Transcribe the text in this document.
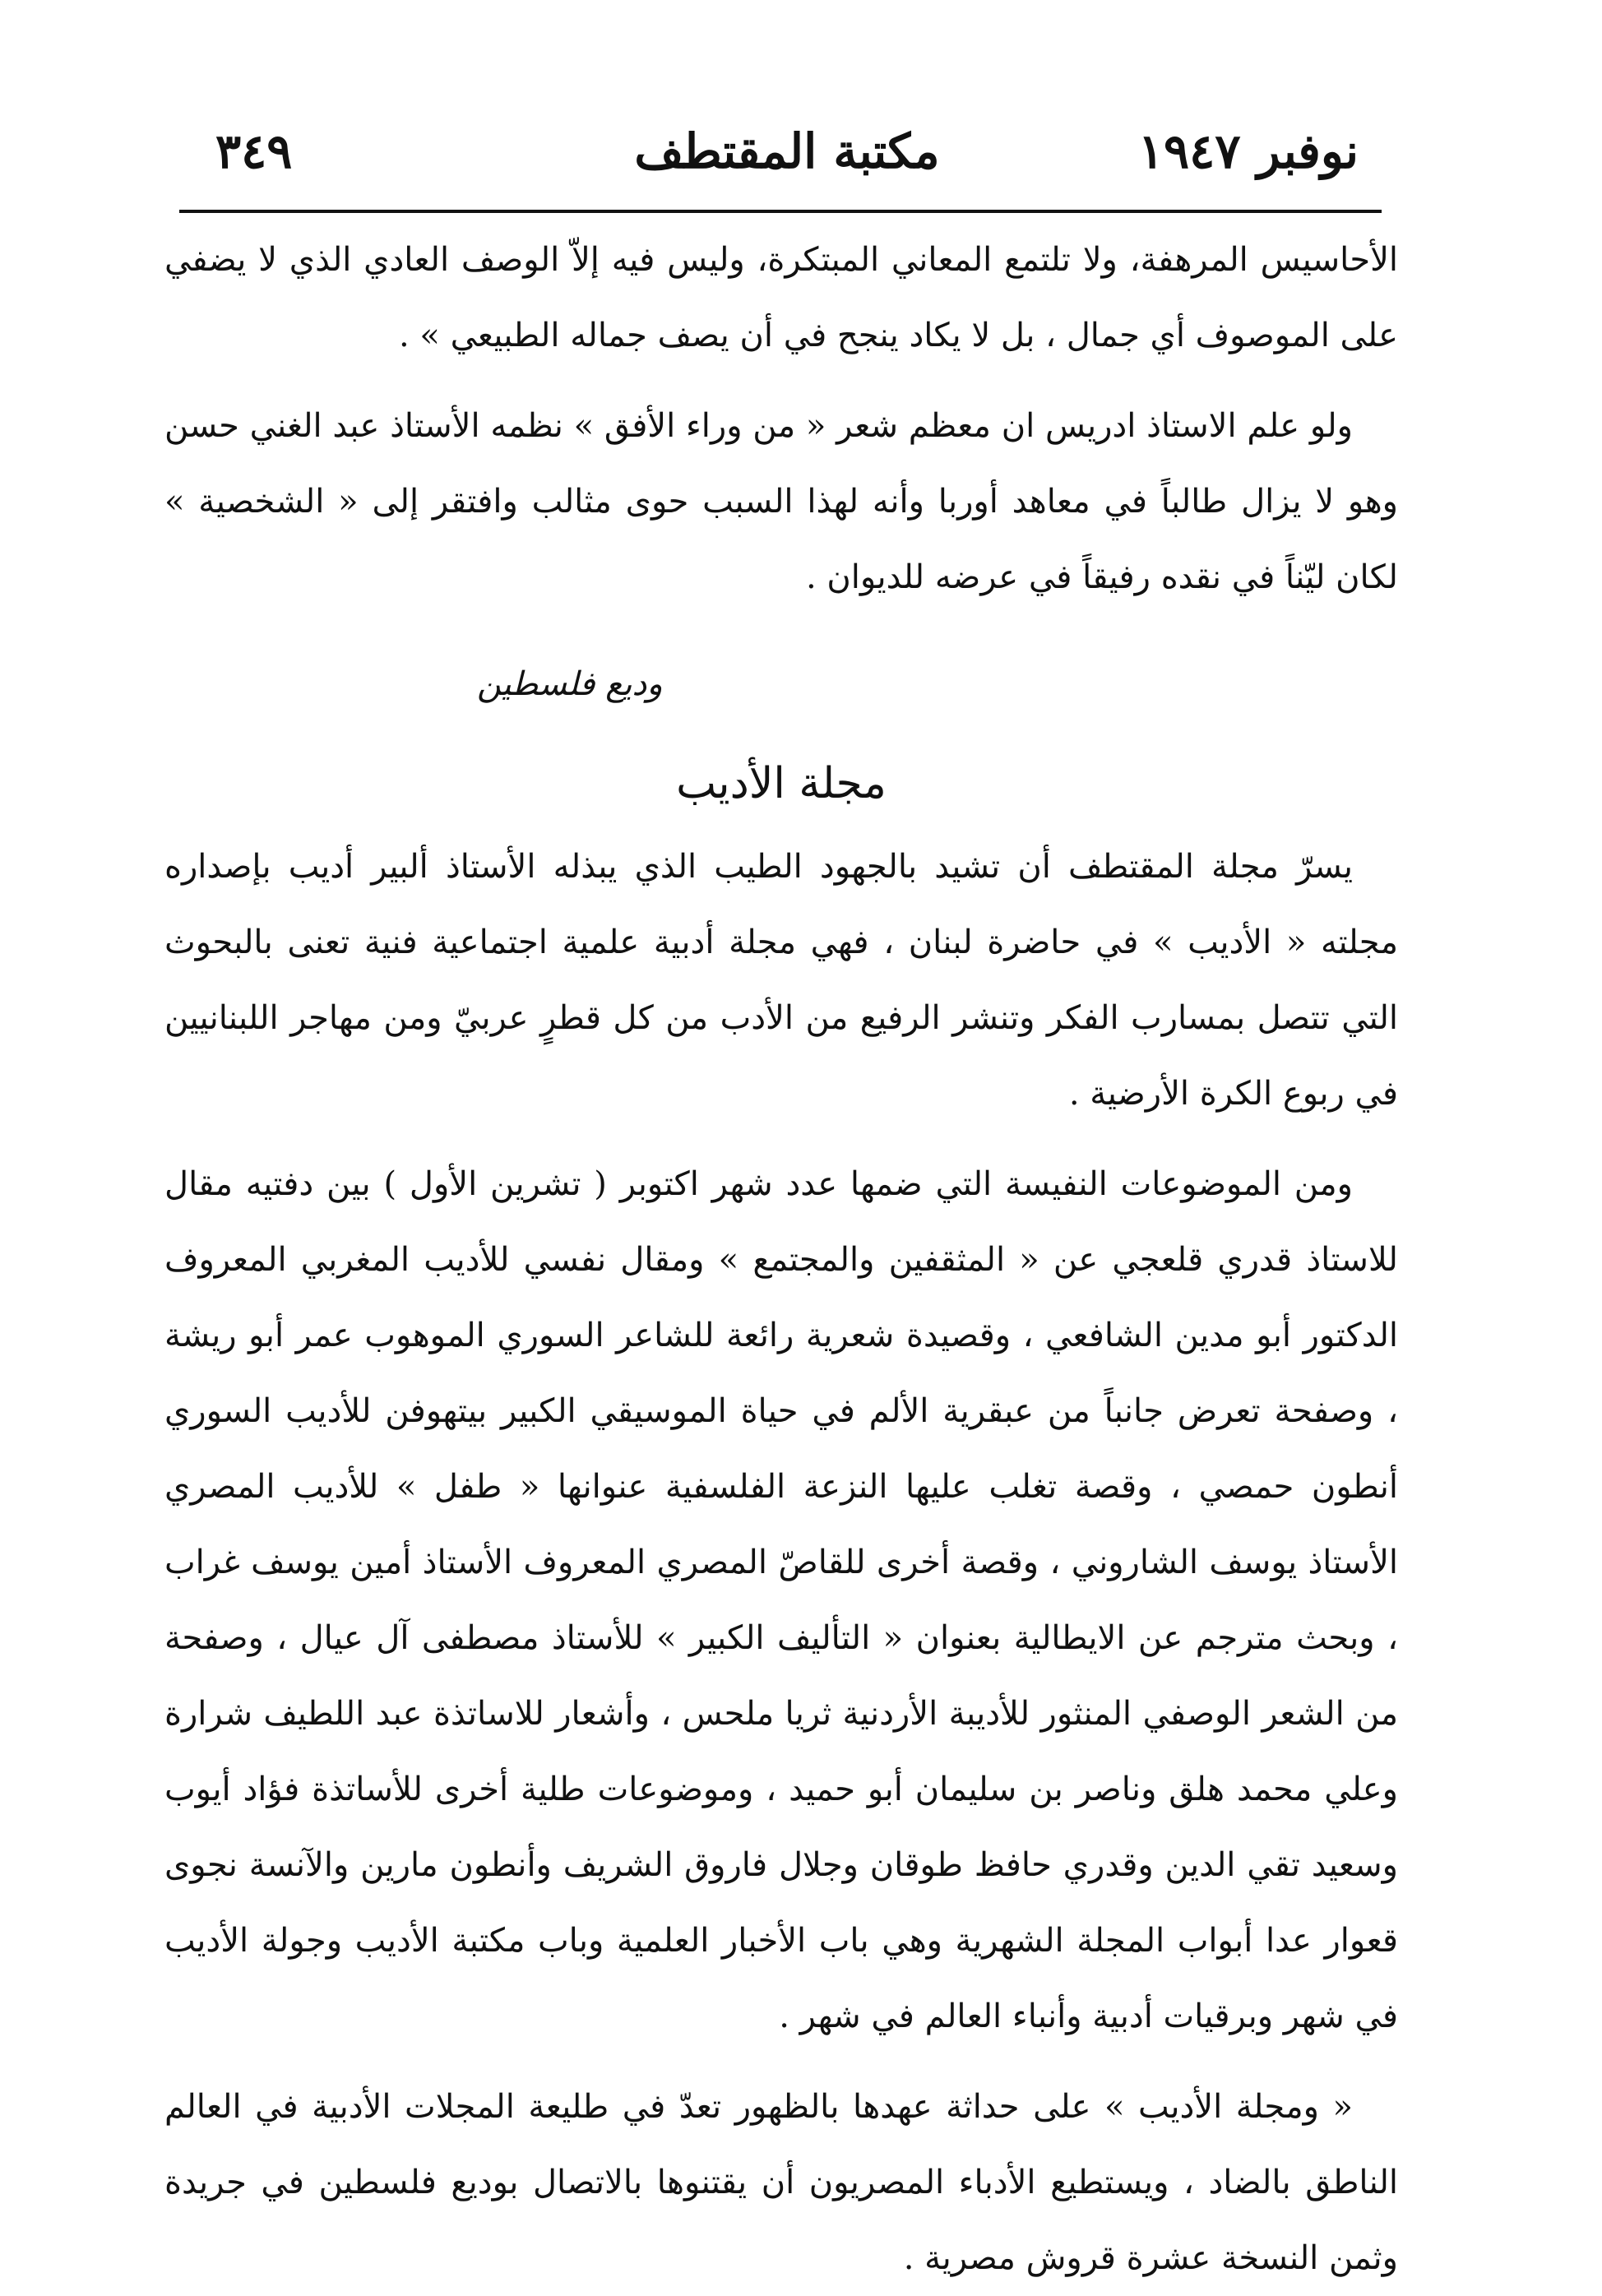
نوفبر ١٩٤٧
مكتبة المقتطف
٣٤٩

الأحاسيس المرهفة، ولا تلتمع المعاني المبتكرة، وليس فيه إلاّ الوصف العادي الذي لا يضفي على الموصوف أي جمال ، بل لا يكاد ينجح في أن يصف جماله الطبيعي » .

ولو علم الاستاذ ادريس ان معظم شعر « من وراء الأفق » نظمه الأستاذ عبد الغني حسن وهو لا يزال طالباً في معاهد أوربا وأنه لهذا السبب حوى مثالب وافتقر إلى « الشخصية » لكان ليّناً في نقده رفيقاً في عرضه للديوان .

وديع فلسطين

مجلة الأديب

يسرّ مجلة المقتطف أن تشيد بالجهود الطيب الذي يبذله الأستاذ ألبير أديب بإصداره مجلته « الأديب » في حاضرة لبنان ، فهي مجلة أدبية علمية اجتماعية فنية تعنى بالبحوث التي تتصل بمسارب الفكر وتنشر الرفيع من الأدب من كل قطرٍ عربيّ ومن مهاجر اللبنانيين في ربوع الكرة الأرضية .

ومن الموضوعات النفيسة التي ضمها عدد شهر اكتوبر ( تشرين الأول ) بين دفتيه مقال للاستاذ قدري قلعجي عن « المثقفين والمجتمع » ومقال نفسي للأديب المغربي المعروف الدكتور أبو مدين الشافعي ، وقصيدة شعرية رائعة للشاعر السوري الموهوب عمر أبو ريشة ، وصفحة تعرض جانباً من عبقرية الألم في حياة الموسيقي الكبير بيتهوفن للأديب السوري أنطون حمصي ، وقصة تغلب عليها النزعة الفلسفية عنوانها « طفل » للأديب المصري الأستاذ يوسف الشاروني ، وقصة أخرى للقاصّ المصري المعروف الأستاذ أمين يوسف غراب ، وبحث مترجم عن الايطالية بعنوان « التأليف الكبير » للأستاذ مصطفى آل عيال ، وصفحة من الشعر الوصفي المنثور للأديبة الأردنية ثريا ملحس ، وأشعار للاساتذة عبد اللطيف شرارة وعلي محمد هلق وناصر بن سليمان أبو حميد ، وموضوعات طلية أخرى للأساتذة فؤاد أيوب وسعيد تقي الدين وقدري حافظ طوقان وجلال فاروق الشريف وأنطون مارين والآنسة نجوى قعوار عدا أبواب المجلة الشهرية وهي باب الأخبار العلمية وباب مكتبة الأديب وجولة الأديب في شهر وبرقيات أدبية وأنباء العالم في شهر .

« ومجلة الأديب » على حداثة عهدها بالظهور تعدّ في طليعة المجلات الأدبية في العالم الناطق بالضاد ، ويستطيع الأدباء المصريون أن يقتنوها بالاتصال بوديع فلسطين في جريدة وثمن النسخة عشرة قروش مصرية .
